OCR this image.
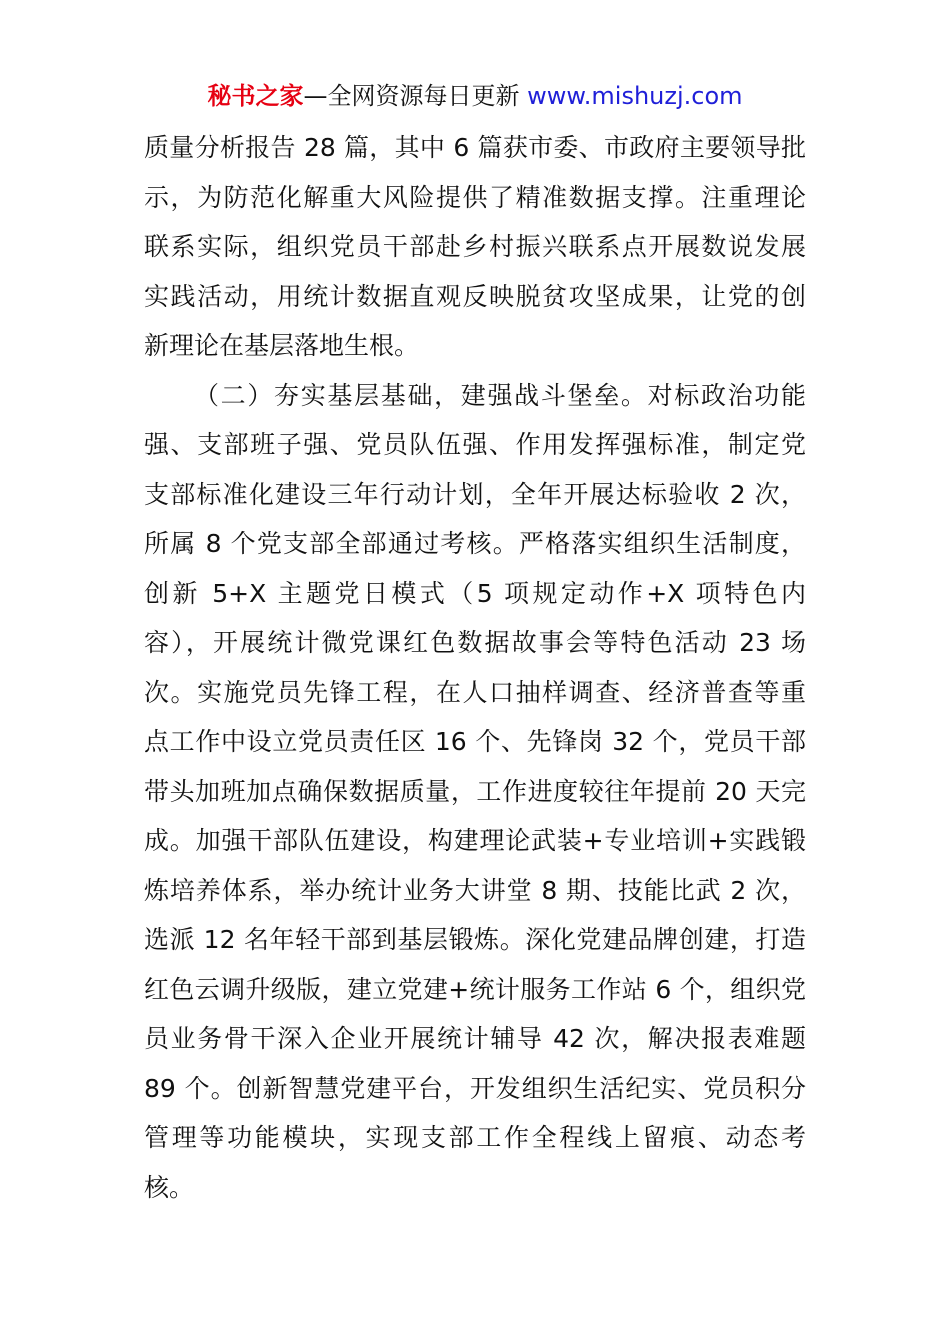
秘书之家—全网资源每日更新 www.mishuzj.com
质量分析报告 28 篇，其中 6 篇获市委、市政府主要领导批
示，为防范化解重大风险提供了精准数据支撑。注重理论
联系实际，组织党员干部赴乡村振兴联系点开展数说发展
实践活动，用统计数据直观反映脱贫攻坚成果，让党的创
新理论在基层落地生根。
（二）夯实基层基础，建强战斗堡垒。对标政治功能
强、支部班子强、党员队伍强、作用发挥强标准，制定党
支部标准化建设三年行动计划，全年开展达标验收 2 次，
所属 8 个党支部全部通过考核。严格落实组织生活制度，
创新 5+X 主题党日模式（5 项规定动作+X 项特色内
容），开展统计微党课红色数据故事会等特色活动 23 场
次。实施党员先锋工程，在人口抽样调查、经济普查等重
点工作中设立党员责任区 16 个、先锋岗 32 个，党员干部
带头加班加点确保数据质量，工作进度较往年提前 20 天完
成。加强干部队伍建设，构建理论武装+专业培训+实践锻
炼培养体系，举办统计业务大讲堂 8 期、技能比武 2 次，
选派 12 名年轻干部到基层锻炼。深化党建品牌创建，打造
红色云调升级版，建立党建+统计服务工作站 6 个，组织党
员业务骨干深入企业开展统计辅导 42 次，解决报表难题
89 个。创新智慧党建平台，开发组织生活纪实、党员积分
管理等功能模块，实现支部工作全程线上留痕、动态考
核。
